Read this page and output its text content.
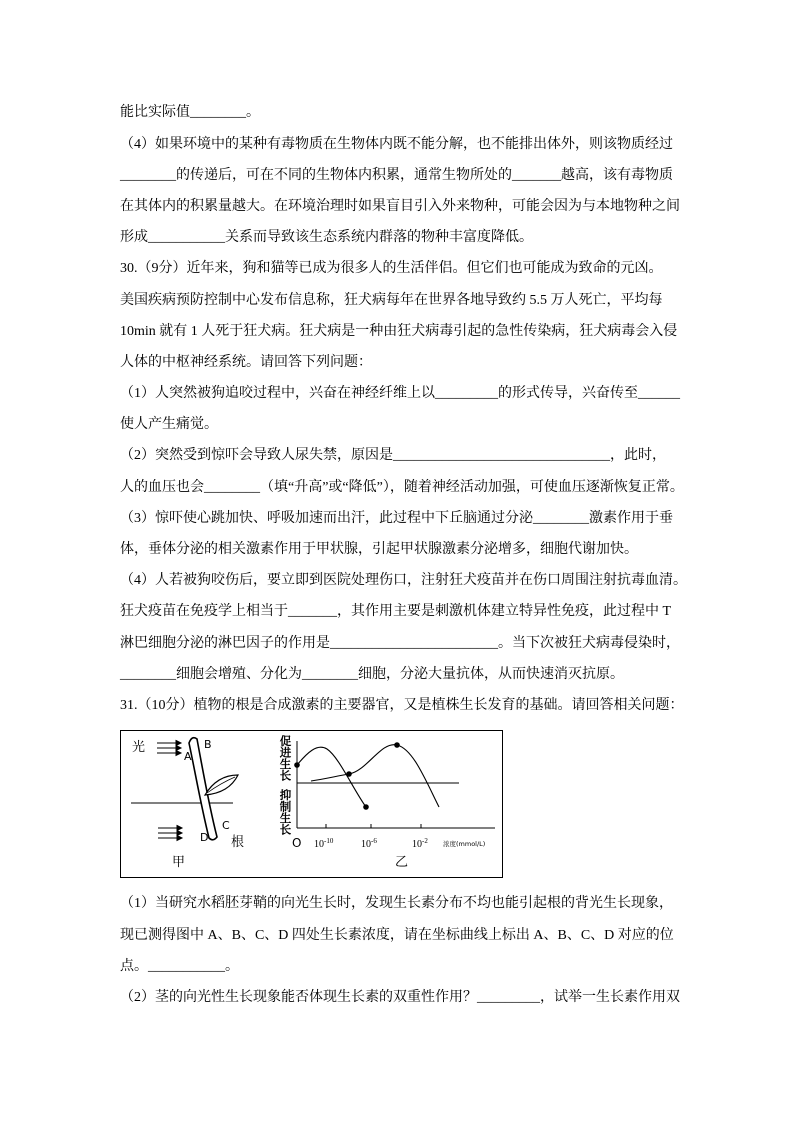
能比实际值________。
（4）如果环境中的某种有毒物质在生物体内既不能分解，也不能排出体外，则该物质经过
________的传递后，可在不同的生物体内积累，通常生物所处的_______越高，该有毒物质
在其体内的积累量越大。在环境治理时如果盲目引入外来物种，可能会因为与本地物种之间
形成___________关系而导致该生态系统内群落的物种丰富度降低。
30.（9分）近年来，狗和猫等已成为很多人的生活伴侣。但它们也可能成为致命的元凶。
美国疾病预防控制中心发布信息称，狂犬病每年在世界各地导致约 5.5 万人死亡，平均每
10min 就有 1 人死于狂犬病。狂犬病是一种由狂犬病毒引起的急性传染病，狂犬病毒会入侵
人体的中枢神经系统。请回答下列问题：
（1）人突然被狗追咬过程中，兴奋在神经纤维上以_________的形式传导，兴奋传至______
使人产生痛觉。
（2）突然受到惊吓会导致人尿失禁，原因是_______________________________，此时，
人的血压也会________（填“升高”或“降低”），随着神经活动加强，可使血压逐渐恢复正常。
（3）惊吓使心跳加快、呼吸加速而出汗，此过程中下丘脑通过分泌________激素作用于垂
体，垂体分泌的相关激素作用于甲状腺，引起甲状腺激素分泌增多，细胞代谢加快。
（4）人若被狗咬伤后，要立即到医院处理伤口，注射狂犬疫苗并在伤口周围注射抗毒血清。
狂犬疫苗在免疫学上相当于_______，其作用主要是刺激机体建立特异性免疫，此过程中 T
淋巴细胞分泌的淋巴因子的作用是________________________。当下次被狂犬病毒侵染时，
________细胞会增殖、分化为________细胞，分泌大量抗体，从而快速消灭抗原。
31.（10分）植物的根是合成激素的主要器官，又是植株生长发育的基础。请回答相关问题：
光
A
B
C
D 根
甲
促进生长
抑制生长
O $10^{-10}$	$10^{-6}$	$10^{-2}$ 浓度(mmol/L)
乙
（1）当研究水稻胚芽鞘的向光生长时，发现生长素分布不均也能引起根的背光生长现象，
现已测得图中 A、B、C、D 四处生长素浓度，请在坐标曲线上标出 A、B、C、D 对应的位
点。___________。
（2）茎的向光性生长现象能否体现生长素的双重性作用？_________，试举一生长素作用双
